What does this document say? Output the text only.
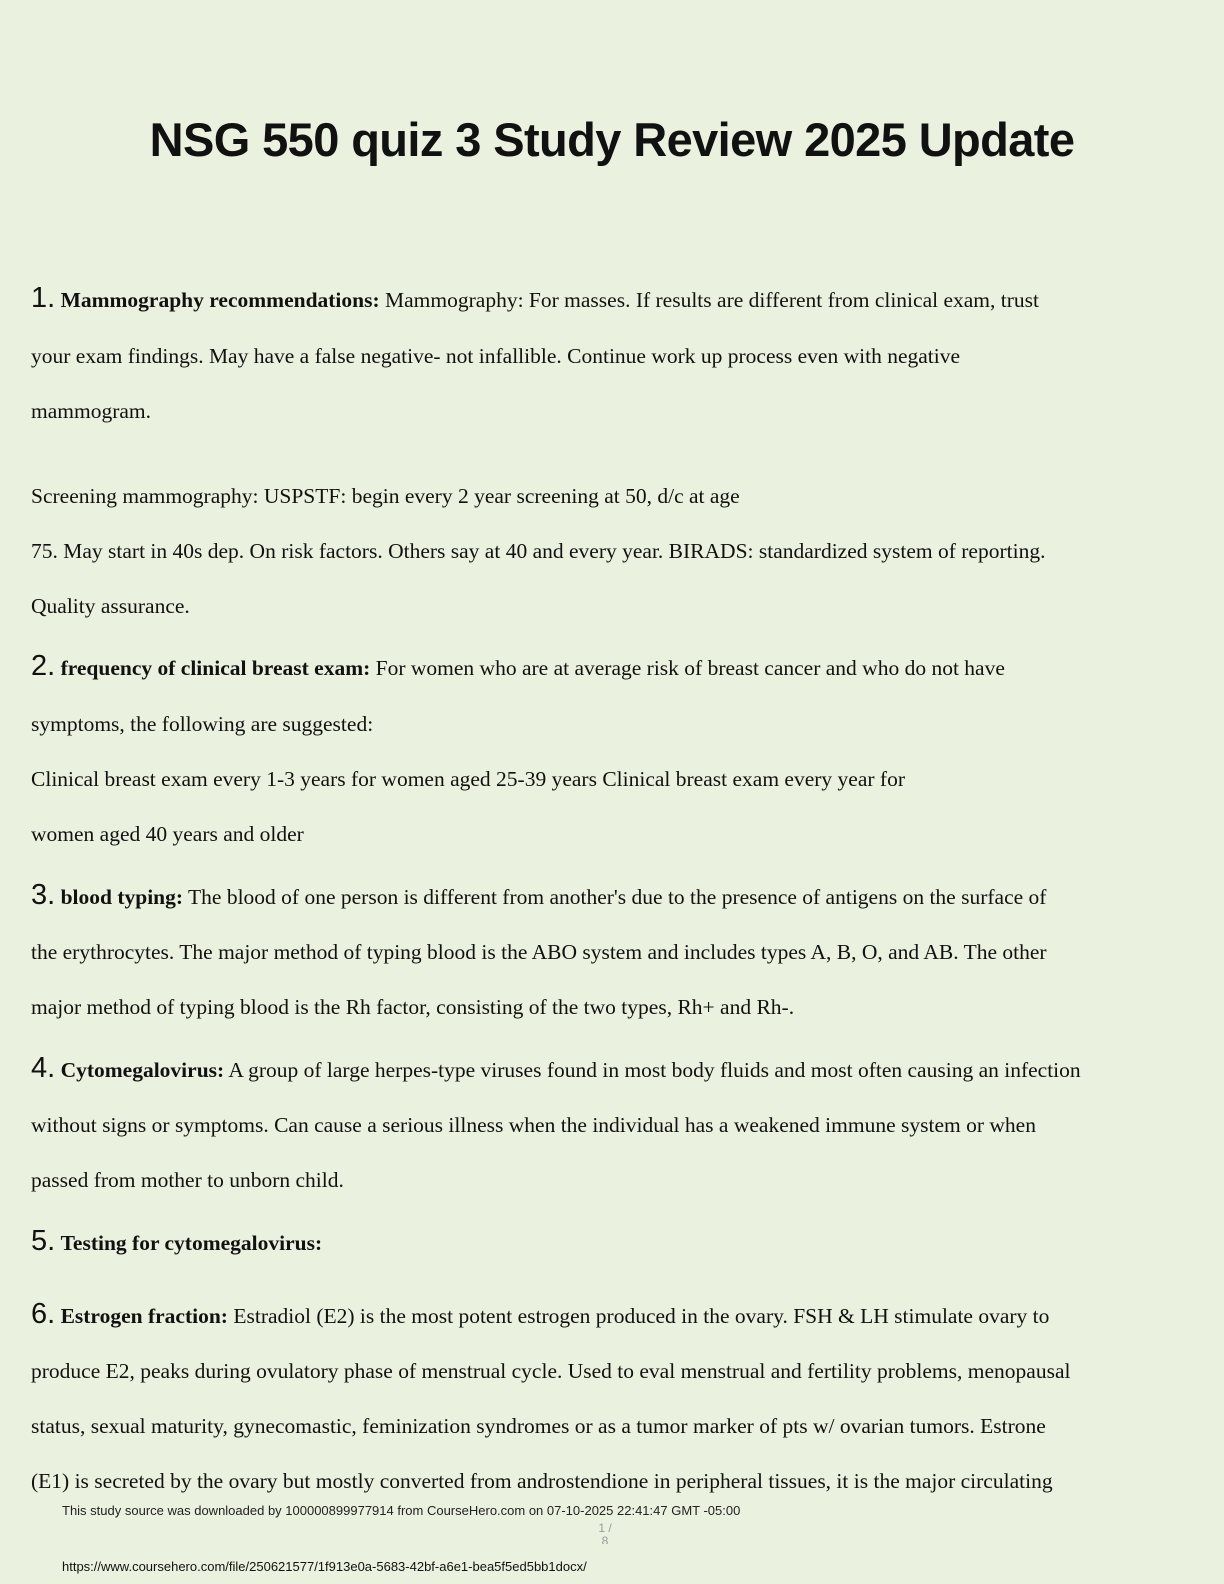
NSG 550 quiz 3 Study Review 2025 Update

1. Mammography recommendations: Mammography: For masses. If results are different from clinical exam, trust

your exam findings. May have a false negative- not infallible. Continue work up process even with negative

mammogram.

Screening mammography: USPSTF: begin every 2 year screening at 50, d/c at age

75. May start in 40s dep. On risk factors. Others say at 40 and every year. BIRADS: standardized system of reporting.

Quality assurance.

2. frequency of clinical breast exam: For women who are at average risk of breast cancer and who do not have

symptoms, the following are suggested:

Clinical breast exam every 1-3 years for women aged 25-39 years Clinical breast exam every year for

women aged 40 years and older

3. blood typing: The blood of one person is different from another's due to the presence of antigens on the surface of

the erythrocytes. The major method of typing blood is the ABO system and includes types A, B, O, and AB. The other

major method of typing blood is the Rh factor, consisting of the two types, Rh+ and Rh-.

4. Cytomegalovirus: A group of large herpes-type viruses found in most body fluids and most often causing an infection

without signs or symptoms. Can cause a serious illness when the individual has a weakened immune system or when

passed from mother to unborn child.

5. Testing for cytomegalovirus:

6. Estrogen fraction: Estradiol (E2) is the most potent estrogen produced in the ovary. FSH & LH stimulate ovary to

produce E2, peaks during ovulatory phase of menstrual cycle. Used to eval menstrual and fertility problems, menopausal

status, sexual maturity, gynecomastic, feminization syndromes or as a tumor marker of pts w/ ovarian tumors. Estrone

(E1) is secreted by the ovary but mostly converted from androstendione in peripheral tissues, it is the major circulating

This study source was downloaded by 100000899977914 from CourseHero.com on 07-10-2025 22:41:47 GMT -05:00

1 / 8

https://www.coursehero.com/file/250621577/1f913e0a-5683-42bf-a6e1-bea5f5ed5bb1docx/
